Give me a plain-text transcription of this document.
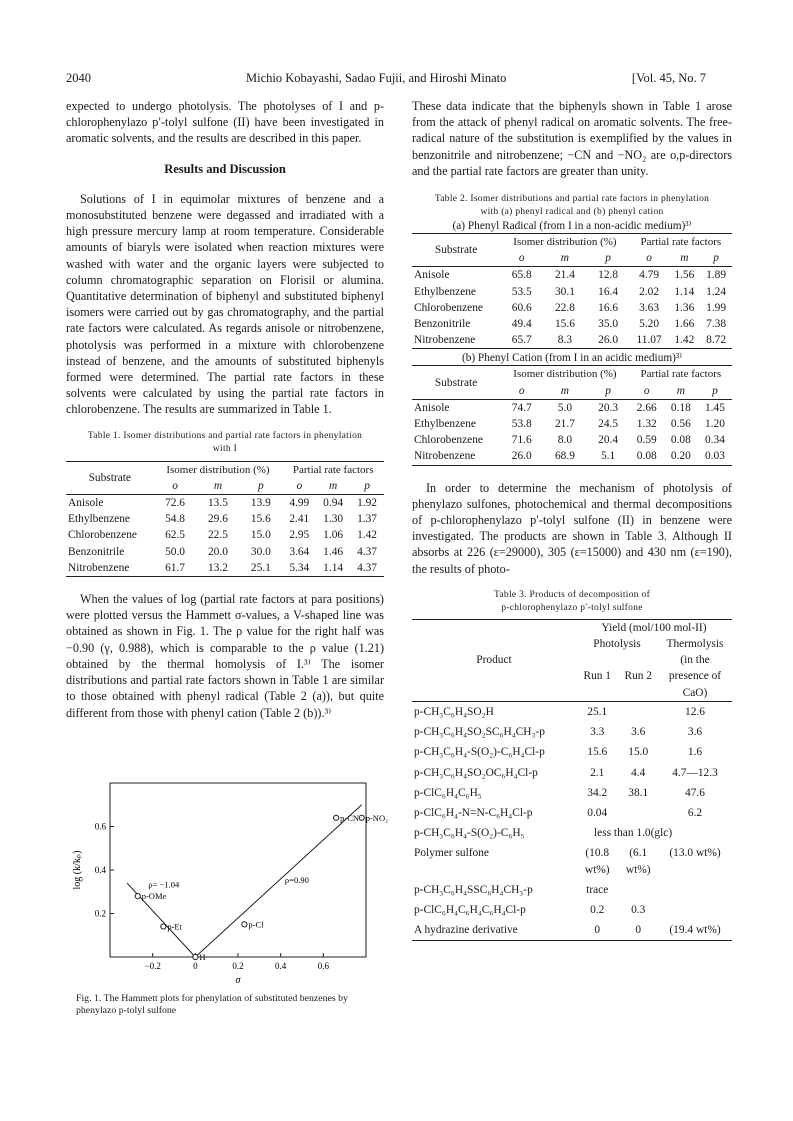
2040	Michio Kobayashi, Sadao Fujii, and Hiroshi Minato	[Vol. 45, No. 7

expected to undergo photolysis. The photolyses of I and p-chlorophenylazo p′-tolyl sulfone (II) have been investigated in aromatic solvents, and the results are described in this paper.

Results and Discussion

Solutions of I in equimolar mixtures of benzene and a monosubstituted benzene were degassed and irradiated with a high pressure mercury lamp at room temperature. Considerable amounts of biaryls were isolated when reaction mixtures were washed with water and the organic layers were subjected to column chromatographic separation on Florisil or alumina. Quantitative determination of biphenyl and substituted biphenyl isomers were carried out by gas chromatography, and the partial rate factors were calculated. As regards anisole or nitrobenzene, photolysis was performed in a mixture with chlorobenzene instead of benzene, and the amounts of substituted biphenyls formed were determined. The partial rate factors in these solvents were calculated by using the partial rate factors in chlorobenzene. The results are summarized in Table 1.

Table 1. Isomer distributions and partial rate factors in phenylation with I
Substrate	Isomer distribution (%)			Partial rate factors		
	o	m	p	o	m	p
Anisole	72.6	13.5	13.9	4.99	0.94	1.92
Ethylbenzene	54.8	29.6	15.6	2.41	1.30	1.37
Chlorobenzene	62.5	22.5	15.0	2.95	1.06	1.42
Benzonitrile	50.0	20.0	30.0	3.64	1.46	4.37
Nitrobenzene	61.7	13.2	25.1	5.34	1.14	4.37

When the values of log (partial rate factors at para positions) were plotted versus the Hammett σ-values, a V-shaped line was obtained as shown in Fig. 1. The ρ value for the right half was −0.90 (γ, 0.988), which is comparable to the ρ value (1.21) obtained by the thermal homolysis of I.³⁾ The isomer distributions and partial rate factors shown in Table 1 are similar to those obtained with phenyl radical (Table 2 (a)), but quite different from those with phenyl cation (Table 2 (b)).³⁾

−0.2	0	0.2	0.4	0.6
0.2
0.4
0.6
log (k/kₚ)
σ
p-OMe
p-Et
H
p-Cl
p-CN p-NO₂
ρ= −1.04	ρ=0.90
Fig. 1. The Hammett plots for phenylation of substituted benzenes by phenylazo p-tolyl sulfone

These data indicate that the biphenyls shown in Table 1 arose from the attack of phenyl radical on aromatic solvents. The free-radical nature of the substitution is exemplified by the values in benzonitrile and nitrobenzene; −CN and −NO₂ are o,p-directors and the partial rate factors are greater than unity.

Table 2. Isomer distributions and partial rate factors in phenylation with (a) phenyl radical and (b) phenyl cation
(a) Phenyl Radical (from I in a non-acidic medium)³⁾
Substrate	Isomer distribution (%)			Partial rate factors		
	o	m	p	o	m	p
Anisole	65.8	21.4	12.8	4.79	1.56	1.89
Ethylbenzene	53.5	30.1	16.4	2.02	1.14	1.24
Chlorobenzene	60.6	22.8	16.6	3.63	1.36	1.99
Benzonitrile	49.4	15.6	35.0	5.20	1.66	7.38
Nitrobenzene	65.7	8.3	26.0	11.07	1.42	8.72
(b) Phenyl Cation (from I in an acidic medium)³⁾
Substrate	Isomer distribution (%)			Partial rate factors		
	o	m	p	o	m	p
Anisole	74.7	5.0	20.3	2.66	0.18	1.45
Ethylbenzene	53.8	21.7	24.5	1.32	0.56	1.20
Chlorobenzene	71.6	8.0	20.4	0.59	0.08	0.34
Nitrobenzene	26.0	68.9	5.1	0.08	0.20	0.03

In order to determine the mechanism of photolysis of phenylazo sulfones, photochemical and thermal decompositions of p-chlorophenylazo p′-tolyl sulfone (II) in benzene were investigated. The products are shown in Table 3. Although II absorbs at 226 (ε=29000), 305 (ε=15000) and 430 nm (ε=190), the results of photo-

Table 3. Products of decomposition of
p-chlorophenylazo p′-tolyl sulfone
Product	Yield (mol/100 mol-II)		
	Photolysis		Thermolysis (in the presence of CaO)
	Run 1	Run 2	
p-CH₃C₆H₄SO₂H	25.1		12.6
p-CH₃C₆H₄SO₂SC₆H₄CH₃-p	3.3	3.6	3.6
p-CH₃C₆H₄-S(O₂)-C₆H₄Cl-p	15.6	15.0	1.6
p-CH₃C₆H₄SO₂OC₆H₄Cl-p	2.1	4.4	4.7—12.3
p-ClC₆H₄C₆H₅	34.2	38.1	47.6
p-ClC₆H₄-N=N-C₆H₄Cl-p	0.04		6.2
p-CH₃C₆H₄-S(O₂)-C₆H₅	less than 1.0(glc)		
Polymer sulfone	(10.8 wt%)	(6.1 wt%)	(13.0 wt%)
p-CH₃C₆H₄SSC₆H₄CH₃-p	trace		
p-ClC₆H₄C₆H₄C₆H₄Cl-p	0.2	0.3	
A hydrazine derivative	0	0	(19.4 wt%)
